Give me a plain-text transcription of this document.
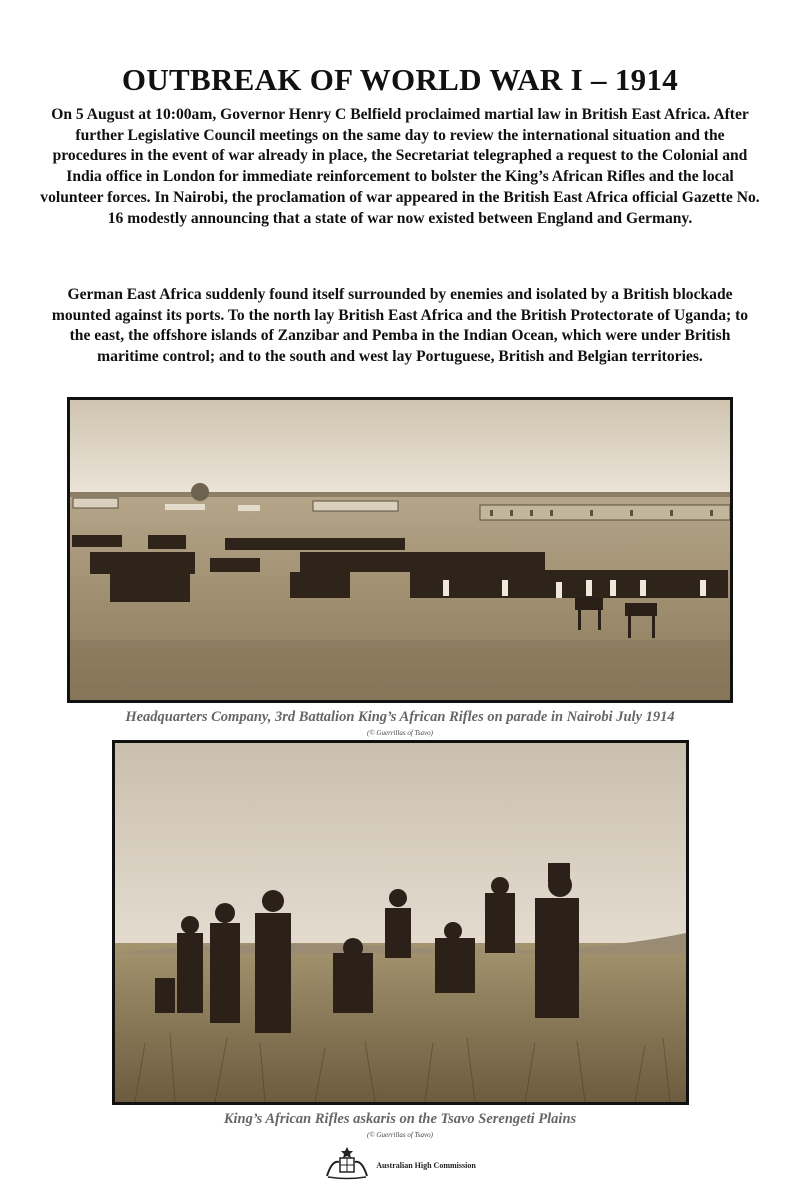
OUTBREAK OF WORLD WAR I – 1914

On 5 August at 10:00am, Governor Henry C Belfield proclaimed martial law in British East Africa. After further Legislative Council meetings on the same day to review the international situation and the procedures in the event of war already in place, the Secretariat telegraphed a request to the Colonial and India office in London for immediate reinforcement to bolster the King’s African Rifles and the local volunteer forces. In Nairobi, the proclamation of war appeared in the British East Africa official Gazette No. 16 modestly announcing that a state of war now existed between England and Germany.

German East Africa suddenly found itself surrounded by enemies and isolated by a British blockade mounted against its ports. To the north lay British East Africa and the British Protectorate of Uganda; to the east, the offshore islands of Zanzibar and Pemba in the Indian Ocean, which were under British maritime control; and to the south and west lay Portuguese, British and Belgian territories.

Headquarters Company, 3rd Battalion King’s African Rifles on parade in Nairobi July 1914
(© Guerrillas of Tsavo)
King’s African Rifles askaris on the Tsavo Serengeti Plains
(© Guerrillas of Tsavo)
Australian High Commission
